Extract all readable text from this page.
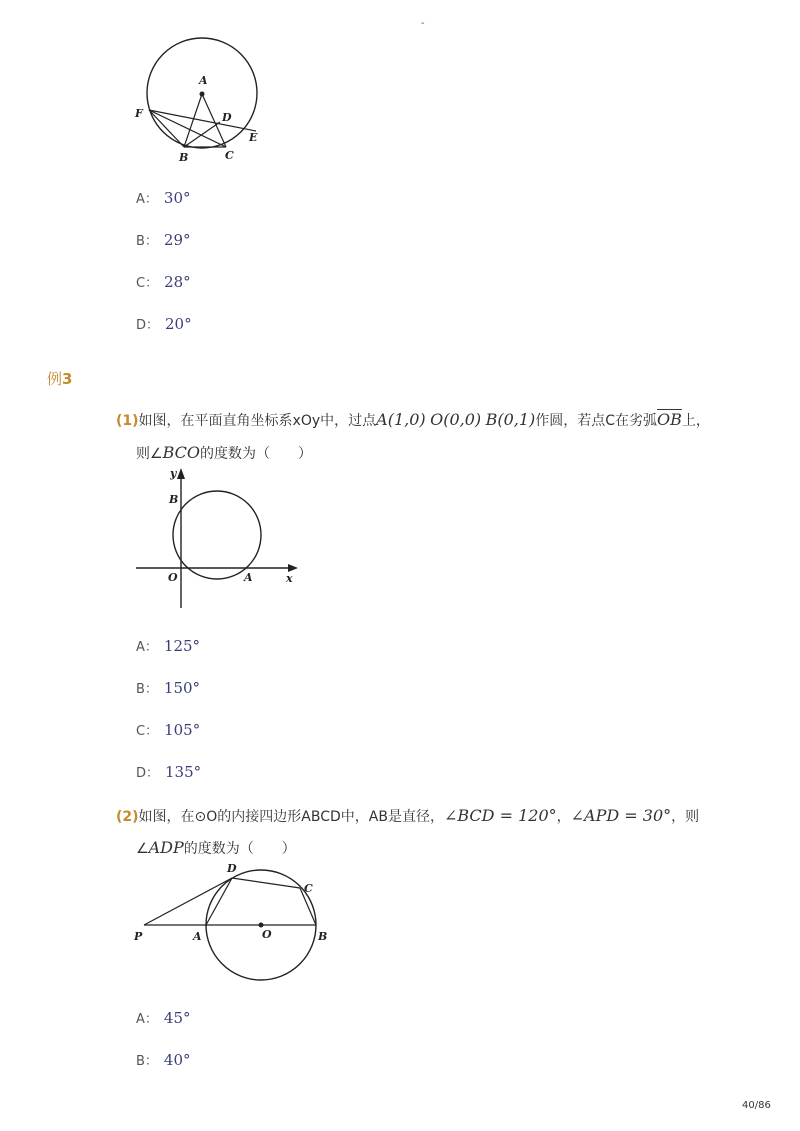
-
A
D
E
F
B	C
A： 30°
B： 29°
C： 28°
D： 20°
例3
(1)如图，在平面直角坐标系xOy中，过点A(1,0) O(0,0) B(0,1)作圆，若点C在劣弧$\overline{OB}$上，
则∠BCO的度数为（　　）
y
B
O	A	x
A： 125°
B： 150°
C： 105°
D： 135°
(2)如图，在⊙O的内接四边形ABCD中，AB是直径，∠BCD = 120°，∠APD = 30°，则
∠ADP的度数为（　　）
D
C
P	A	O	B
A： 45°
B： 40°
40/86
